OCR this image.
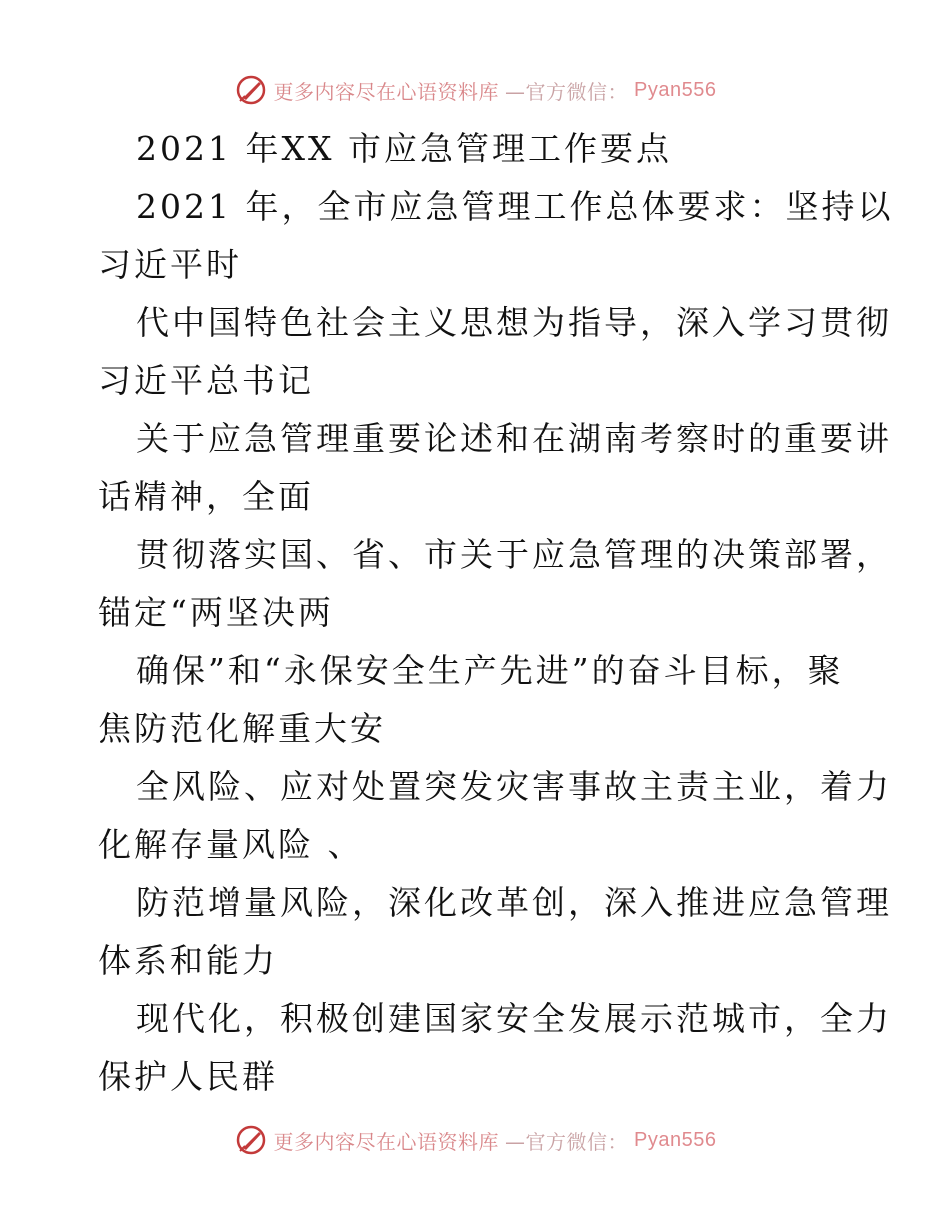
更多内容尽在心语资料库 —官方微信： Pyan556
2021 年XX 市应急管理工作要点
2021 年，全市应急管理工作总体要求：坚持以
习近平时
代中国特色社会主义思想为指导，深入学习贯彻
习近平总书记
关于应急管理重要论述和在湖南考察时的重要讲
话精神，全面
贯彻落实国、省、市关于应急管理的决策部署，
锚定“两坚决两
确保”和“永保安全生产先进”的奋斗目标，聚
焦防范化解重大安
全风险、应对处置突发灾害事故主责主业，着力
化解存量风险 、
防范增量风险，深化改革创，深入推进应急管理
体系和能力
现代化，积极创建国家安全发展示范城市，全力
保护人民群
更多内容尽在心语资料库 —官方微信： Pyan556
